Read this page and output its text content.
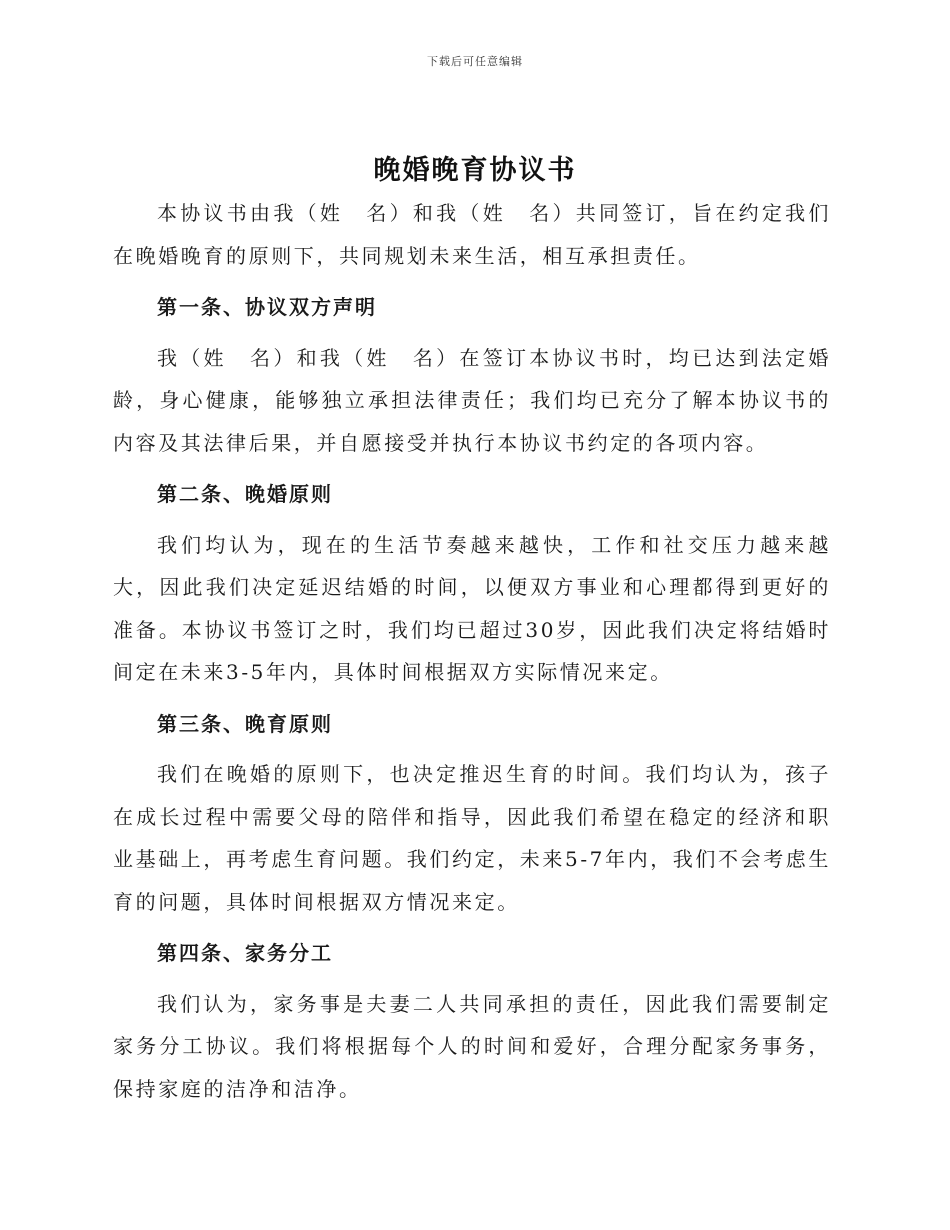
下载后可任意编辑
晚婚晚育协议书

本协议书由我（姓　名）和我（姓　名）共同签订，旨在约定我们在晚婚晚育的原则下，共同规划未来生活，相互承担责任。

第一条、协议双方声明

我（姓　名）和我（姓　名）在签订本协议书时，均已达到法定婚龄，身心健康，能够独立承担法律责任；我们均已充分了解本协议书的内容及其法律后果，并自愿接受并执行本协议书约定的各项内容。

第二条、晚婚原则

我们均认为，现在的生活节奏越来越快，工作和社交压力越来越大，因此我们决定延迟结婚的时间，以便双方事业和心理都得到更好的准备。本协议书签订之时，我们均已超过30岁，因此我们决定将结婚时间定在未来3-5年内，具体时间根据双方实际情况来定。

第三条、晚育原则

我们在晚婚的原则下，也决定推迟生育的时间。我们均认为，孩子在成长过程中需要父母的陪伴和指导，因此我们希望在稳定的经济和职业基础上，再考虑生育问题。我们约定，未来5-7年内，我们不会考虑生育的问题，具体时间根据双方情况来定。

第四条、家务分工

我们认为，家务事是夫妻二人共同承担的责任，因此我们需要制定家务分工协议。我们将根据每个人的时间和爱好，合理分配家务事务，保持家庭的洁净和洁净。
